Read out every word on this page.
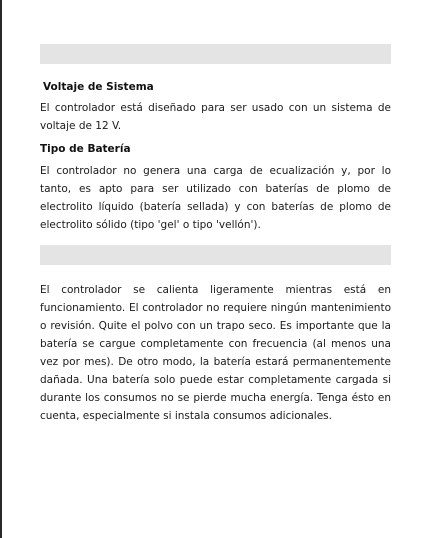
Voltaje de Sistema

El controlador está diseñado para ser usado con un sistema de voltaje de 12 V.

Tipo de Batería

El controlador no genera una carga de ecualización y, por lo tanto, es apto para ser utilizado con baterías de plomo de electrolito líquido (batería sellada) y con baterías de plomo de electrolito sólido (tipo 'gel' o tipo 'vellón').

El controlador se calienta ligeramente mientras está en funcionamiento. El controlador no requiere ningún mantenimiento o revisión. Quite el polvo con un trapo seco. Es importante que la batería se cargue completamente con frecuencia (al menos una vez por mes). De otro modo, la batería estará permanentemente dañada. Una batería solo puede estar completamente cargada si durante los consumos no se pierde mucha energía. Tenga ésto en cuenta, especialmente si instala consumos adicionales.
